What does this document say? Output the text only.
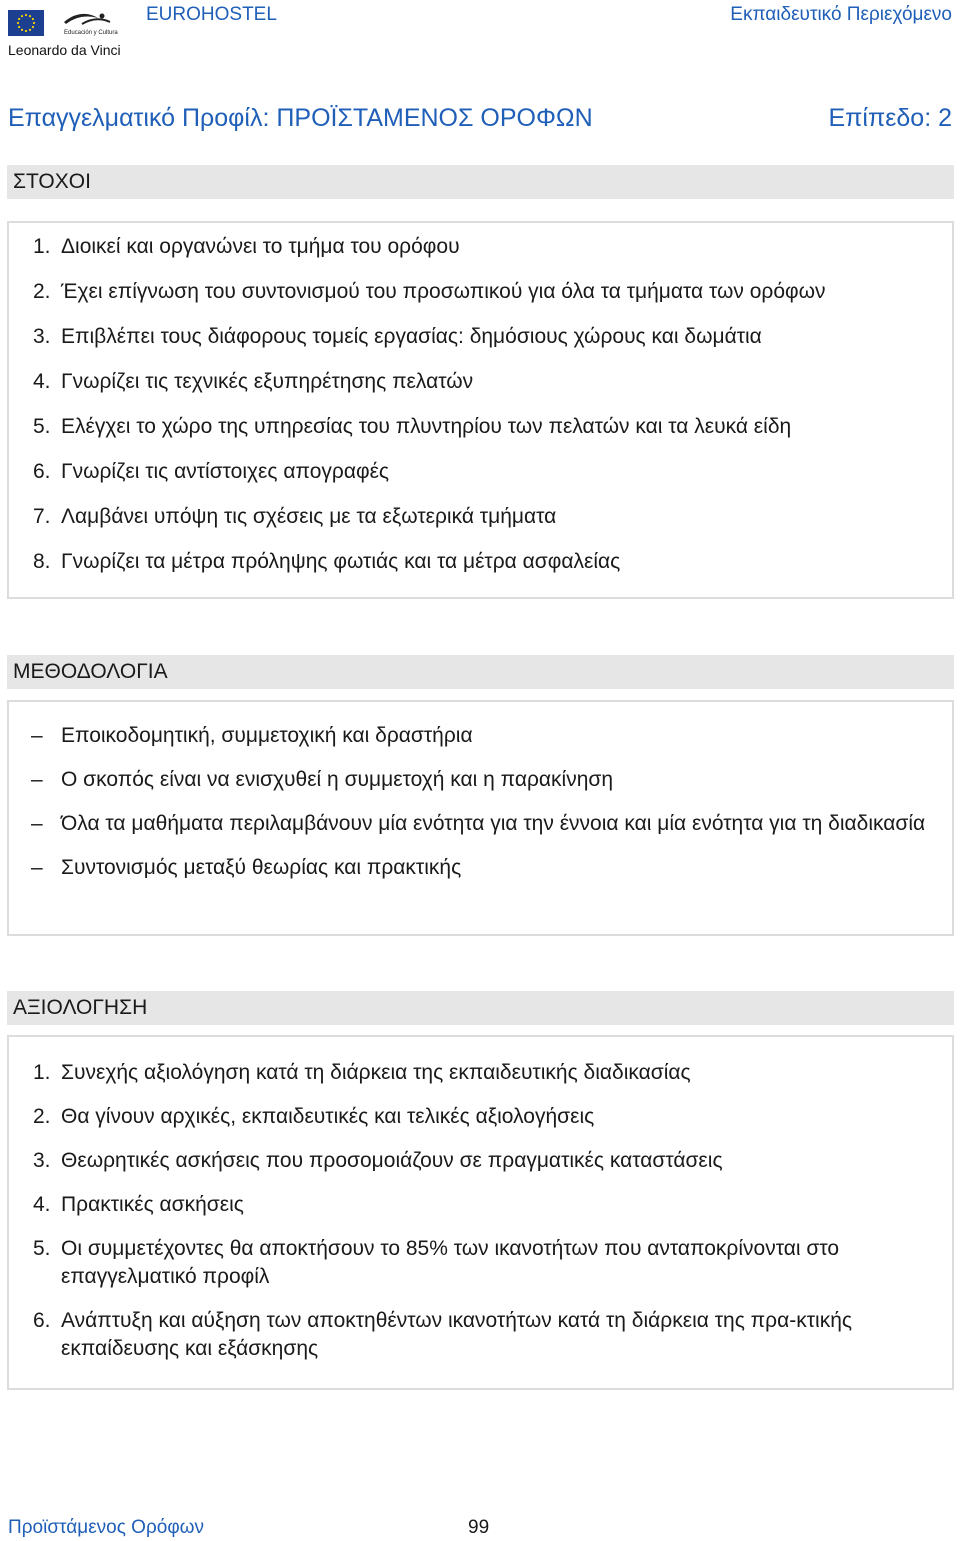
Educación y Cultura
Leonardo da Vinci
EUROHOSTEL	Εκπαιδευτικό Περιεχόμενο
Επαγγελματικό Προφίλ: ΠΡΟΪΣΤΑΜΕΝΟΣ ΟΡΟΦΩΝ	Επίπεδο: 2
ΣΤΟΧΟΙ
1. Διοικεί και οργανώνει το τμήμα του ορόφου
2. Έχει επίγνωση του συντονισμού του προσωπικού για όλα τα τμήματα των ορόφων
3. Επιβλέπει τους διάφορους τομείς εργασίας: δημόσιους χώρους και δωμάτια
4. Γνωρίζει τις τεχνικές εξυπηρέτησης πελατών
5. Ελέγχει το χώρο της υπηρεσίας του πλυντηρίου των πελατών και τα λευκά είδη
6. Γνωρίζει τις αντίστοιχες απογραφές
7. Λαμβάνει υπόψη τις σχέσεις με τα εξωτερικά τμήματα
8. Γνωρίζει τα μέτρα πρόληψης φωτιάς και τα μέτρα ασφαλείας
ΜΕΘΟΔΟΛΟΓΙΑ
– Εποικοδομητική, συμμετοχική και δραστήρια
– Ο σκοπός είναι να ενισχυθεί η συμμετοχή και η παρακίνηση
– Όλα τα μαθήματα περιλαμβάνουν μία ενότητα για την έννοια και μία ενότητα για τη διαδικασία
– Συντονισμός μεταξύ θεωρίας και πρακτικής
ΑΞΙΟΛΟΓΗΣΗ
1. Συνεχής αξιολόγηση κατά τη διάρκεια της εκπαιδευτικής διαδικασίας
2. Θα γίνουν αρχικές, εκπαιδευτικές και τελικές αξιολογήσεις
3. Θεωρητικές ασκήσεις που προσομοιάζουν σε πραγματικές καταστάσεις
4. Πρακτικές ασκήσεις
5. Οι συμμετέχοντες θα αποκτήσουν το 85% των ικανοτήτων που ανταποκρίνονται στο επαγγελματικό προφίλ
6. Ανάπτυξη και αύξηση των αποκτηθέντων ικανοτήτων κατά τη διάρκεια της πρα-κτικής εκπαίδευσης και εξάσκησης
Προϊστάμενος Ορόφων	99
